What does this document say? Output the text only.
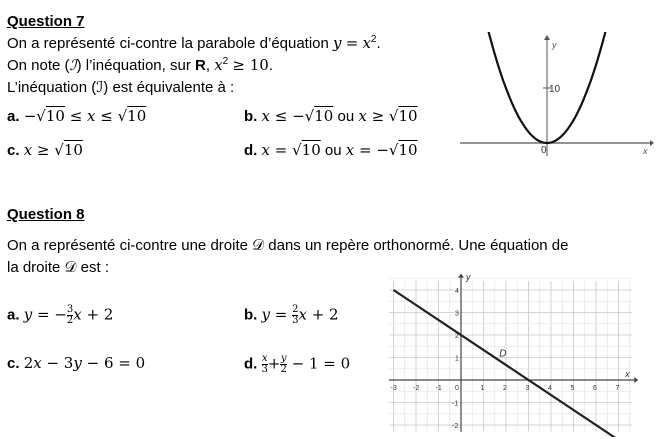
Question 7
On a représenté ci-contre la parabole d’équation $y = x^2$.
On note (ℐ) l’inéquation, sur R, $x^2 \ge 10$.
L’inéquation (ℐ) est équivalente à :
a. −√10 ≤ x ≤ √10	b. x ≤ −√10 ou x ≥ √10
c. x ≥ √10	d. x = √10 ou x = −√10
10
0
y
x
Question 8
On a représenté ci-contre une droite 𝒟 dans un repère orthonormé. Une équation de
la droite 𝒟 est :
a. y = − $\frac{3}{2}$ x + 2	b. $y = \frac{2}{3}$ x + 2
c. 2x − 3y − 6 = 0	d. $\frac{x}{3} + \frac{y}{2} - 1 = 0$
-3 -2 -1 0	1	2	3	4	5	6	7
4
3
2
1
-1
-2
D
x
y
